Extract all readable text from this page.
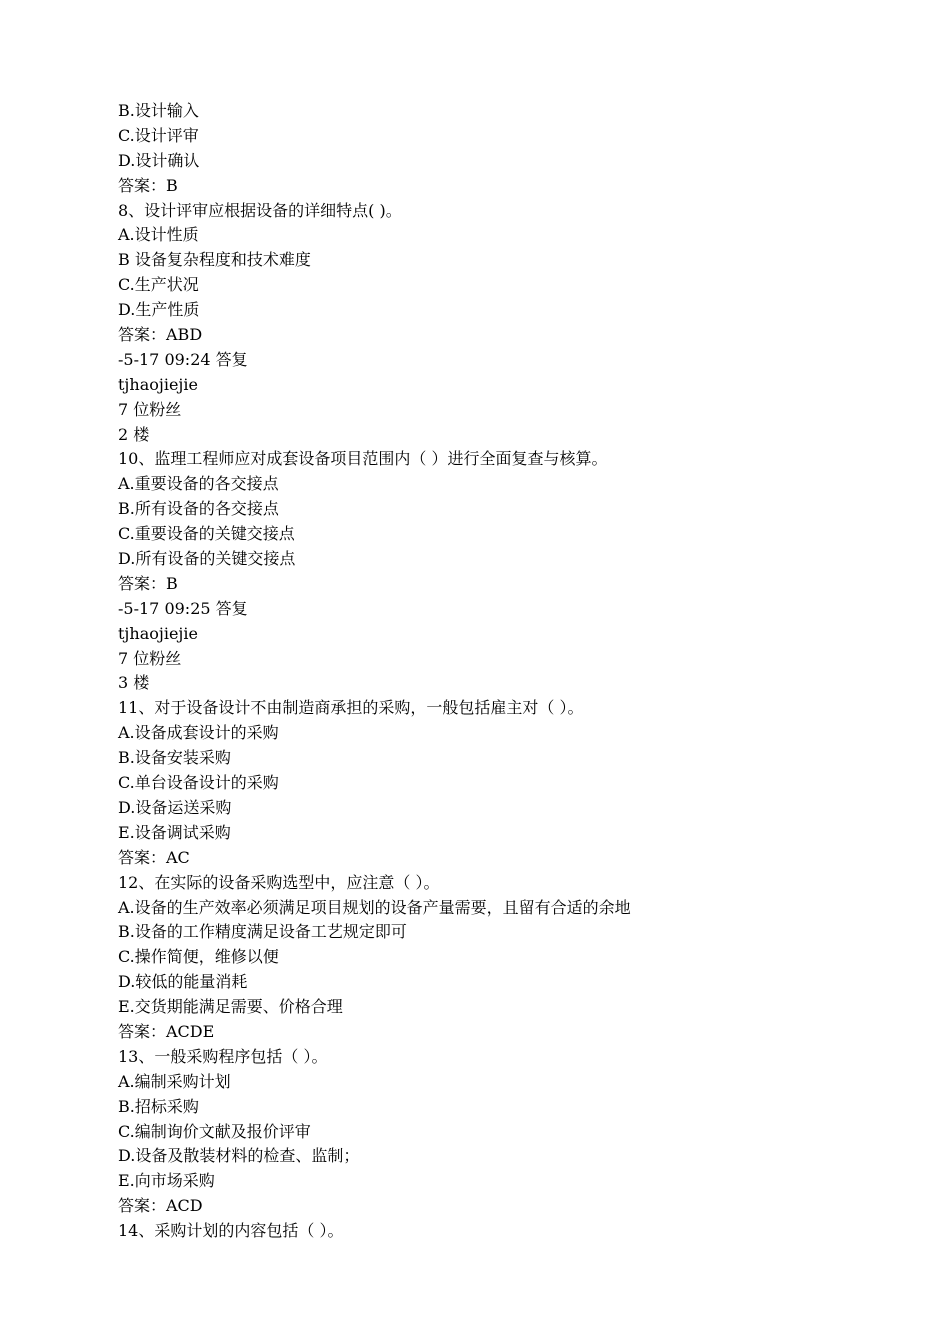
B.设计输入
C.设计评审
D.设计确认
答案：B
8、设计评审应根据设备的详细特点( )。
A.设计性质
B 设备复杂程度和技术难度
C.生产状况
D.生产性质
答案：ABD
-5-17 09:24 答复
tjhaojiejie
7 位粉丝
2 楼
10、监理工程师应对成套设备项目范围内（ ）进行全面复查与核算。
A.重要设备的各交接点
B.所有设备的各交接点
C.重要设备的关键交接点
D.所有设备的关键交接点
答案：B
-5-17 09:25 答复
tjhaojiejie
7 位粉丝
3 楼
11、对于设备设计不由制造商承担的采购，一般包括雇主对（ ）。
A.设备成套设计的采购
B.设备安装采购
C.单台设备设计的采购
D.设备运送采购
E.设备调试采购
答案：AC
12、在实际的设备采购选型中，应注意（ ）。
A.设备的生产效率必须满足项目规划的设备产量需要，且留有合适的余地
B.设备的工作精度满足设备工艺规定即可
C.操作简便，维修以便
D.较低的能量消耗
E.交货期能满足需要、价格合理
答案：ACDE
13、一般采购程序包括（ ）。
A.编制采购计划
B.招标采购
C.编制询价文献及报价评审
D.设备及散装材料的检查、监制；
E.向市场采购
答案：ACD
14、采购计划的内容包括（ ）。
